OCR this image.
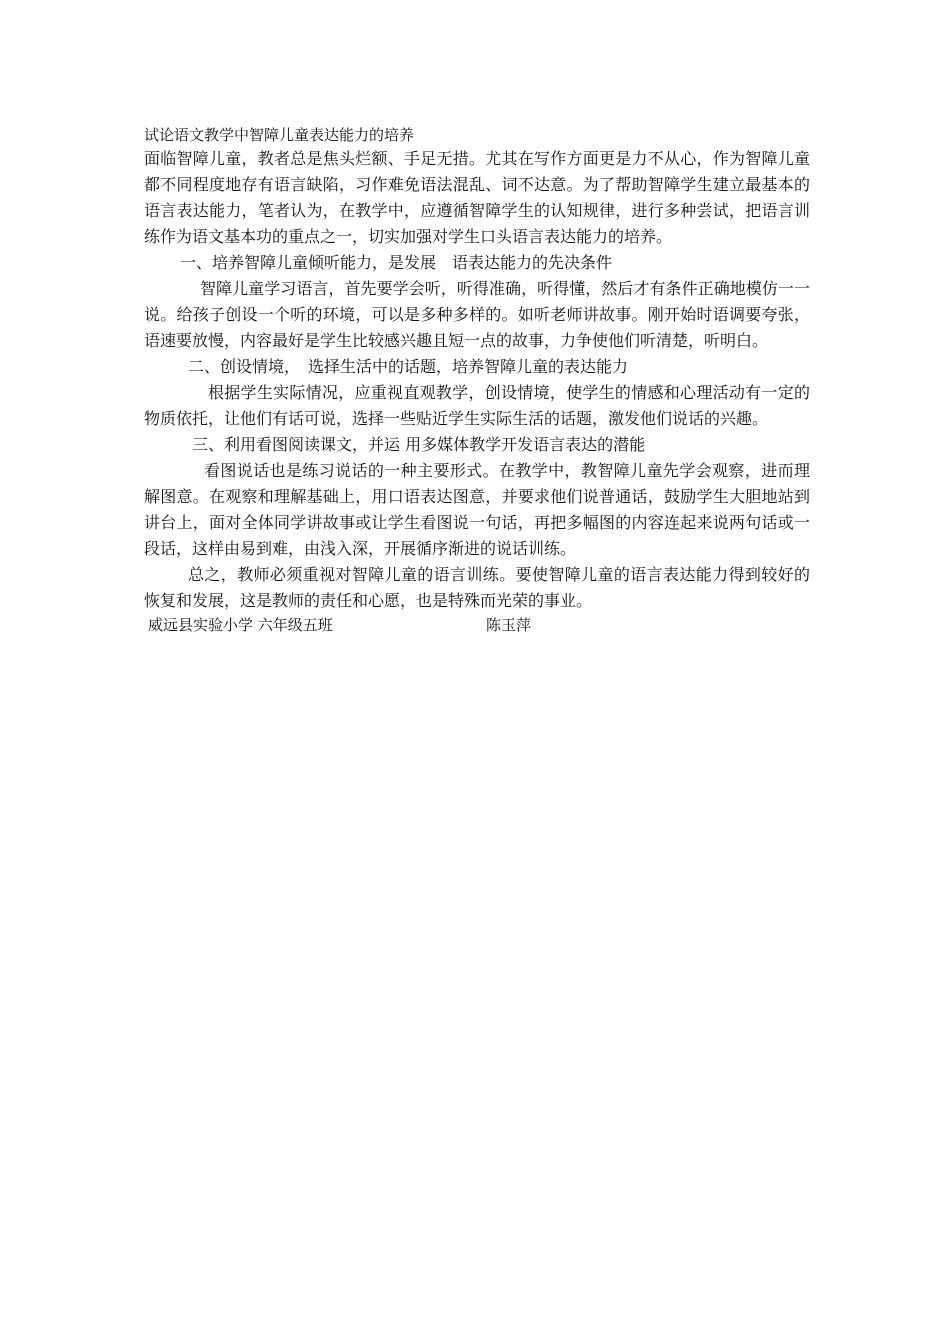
试论语文教学中智障儿童表达能力的培养

面临智障儿童，教者总是焦头烂额、手足无措。尤其在写作方面更是力不从心，作为智障儿童都不同程度地存有语言缺陷，习作难免语法混乱、词不达意。为了帮助智障学生建立最基本的语言表达能力，笔者认为，在教学中，应遵循智障学生的认知规律，进行多种尝试，把语言训练作为语文基本功的重点之一，切实加强对学生口头语言表达能力的培养。

一、培养智障儿童倾听能力，是发展　语表达能力的先决条件

智障儿童学习语言，首先要学会听，听得准确，听得懂，然后才有条件正确地模仿一一说。给孩子创设一个听的环境，可以是多种多样的。如听老师讲故事。刚开始时语调要夸张，语速要放慢，内容最好是学生比较感兴趣且短一点的故事，力争使他们听清楚，听明白。

二、创设情境，　选择生活中的话题，培养智障儿童的表达能力

根据学生实际情况，应重视直观教学，创设情境，使学生的情感和心理活动有一定的物质依托，让他们有话可说，选择一些贴近学生实际生活的话题，激发他们说话的兴趣。

三、利用看图阅读课文，并运 用多媒体教学开发语言表达的潜能

看图说话也是练习说话的一种主要形式。在教学中，教智障儿童先学会观察，进而理解图意。在观察和理解基础上，用口语表达图意，并要求他们说普通话，鼓励学生大胆地站到讲台上，面对全体同学讲故事或让学生看图说一句话，再把多幅图的内容连起来说两句话或一段话，这样由易到难，由浅入深，开展循序渐进的说话训练。

总之，教师必须重视对智障儿童的语言训练。要使智障儿童的语言表达能力得到较好的恢复和发展，这是教师的责任和心愿，也是特殊而光荣的事业。

威远县实验小学 六年级五班	陈玉萍
